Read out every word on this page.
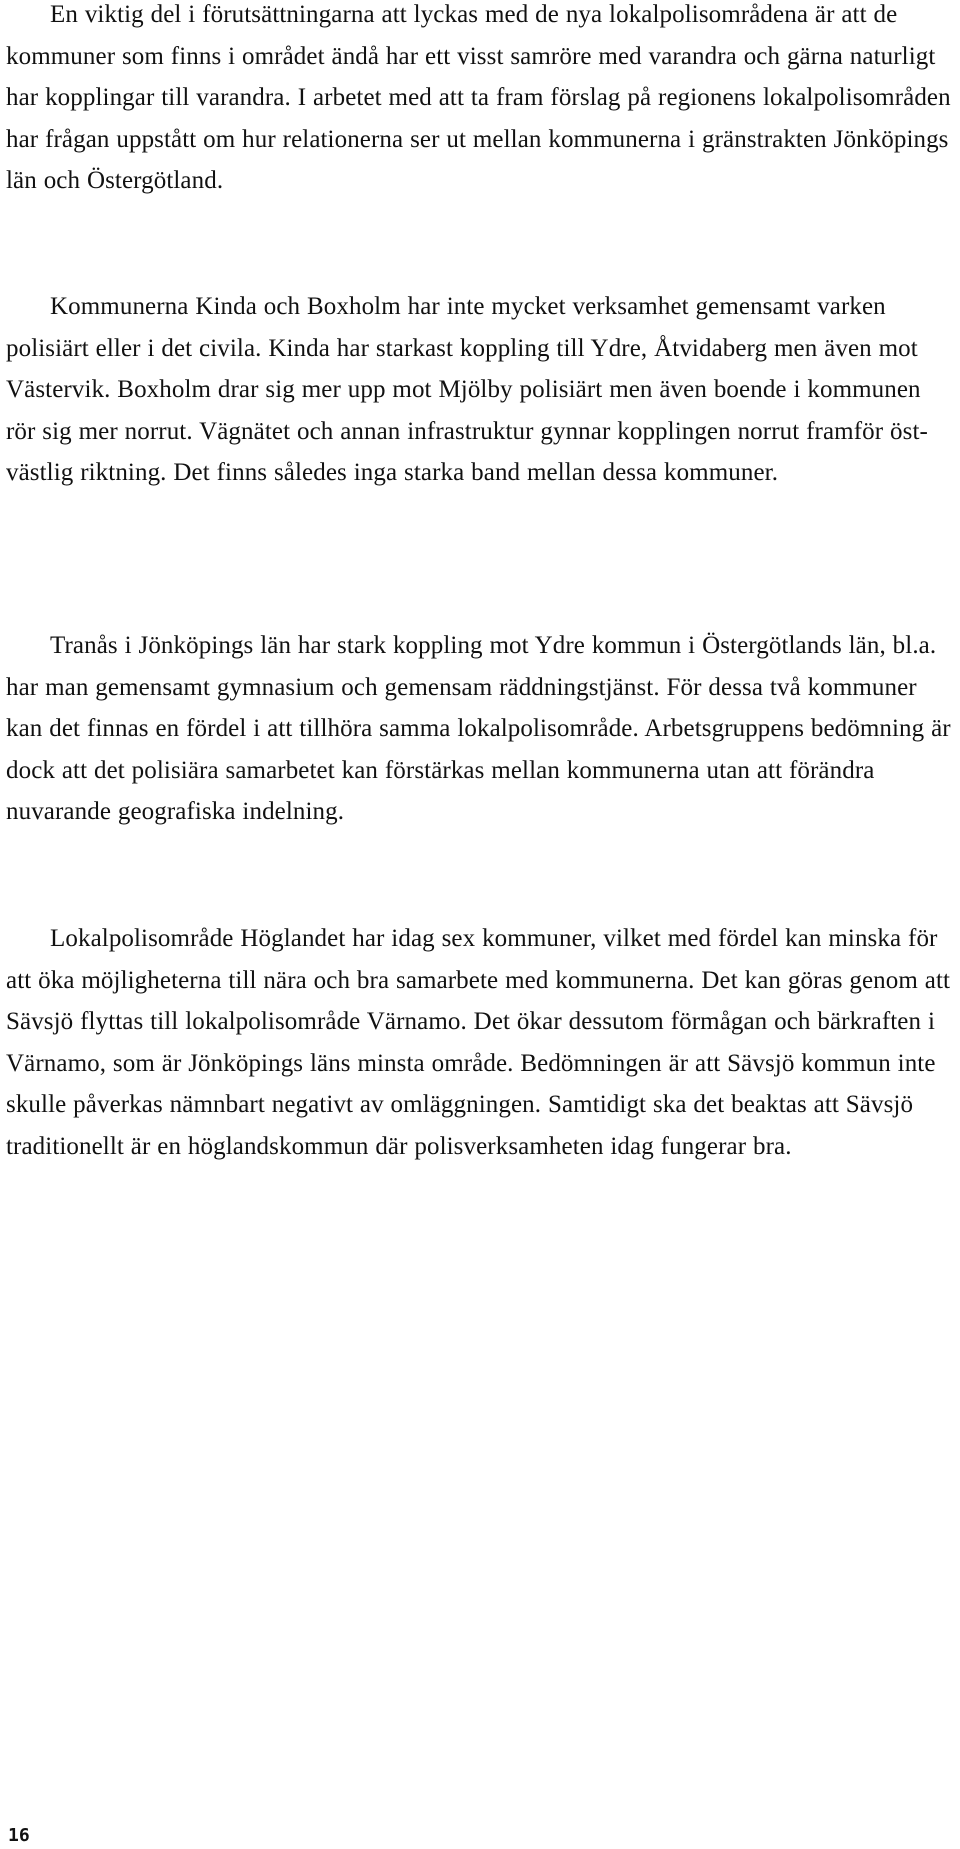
En viktig del i förutsättningarna att lyckas med de nya lokalpolisområdena är att de kommuner som finns i området ändå har ett visst samröre med varandra och gärna naturligt har kopplingar till varandra. I arbetet med att ta fram förslag på regionens lokalpolisområden har frågan uppstått om hur relationerna ser ut mellan kommunerna i gränstrakten Jönköpings län och Östergötland.

Kommunerna Kinda och Boxholm har inte mycket verksamhet gemensamt varken polisiärt eller i det civila. Kinda har starkast koppling till Ydre, Åtvidaberg men även mot Västervik. Boxholm drar sig mer upp mot Mjölby polisiärt men även boende i kommunen rör sig mer norrut. Vägnätet och annan infrastruktur gynnar kopplingen norrut framför öst-västlig riktning. Det finns således inga starka band mellan dessa kommuner.

Tranås i Jönköpings län har stark koppling mot Ydre kommun i Östergötlands län, bl.a. har man gemensamt gymnasium och gemensam räddningstjänst. För dessa två kommuner kan det finnas en fördel i att tillhöra samma lokalpolisområde. Arbetsgruppens bedömning är dock att det polisiära samarbetet kan förstärkas mellan kommunerna utan att förändra nuvarande geografiska indelning.

Lokalpolisområde Höglandet har idag sex kommuner, vilket med fördel kan minska för att öka möjligheterna till nära och bra samarbete med kommunerna. Det kan göras genom att Sävsjö flyttas till lokalpolisområde Värnamo. Det ökar dessutom förmågan och bärkraften i Värnamo, som är Jönköpings läns minsta område. Bedömningen är att Sävsjö kommun inte skulle påverkas nämnbart negativt av omläggningen. Samtidigt ska det beaktas att Sävsjö traditionellt är en höglandskommun där polisverksamheten idag fungerar bra.

16
